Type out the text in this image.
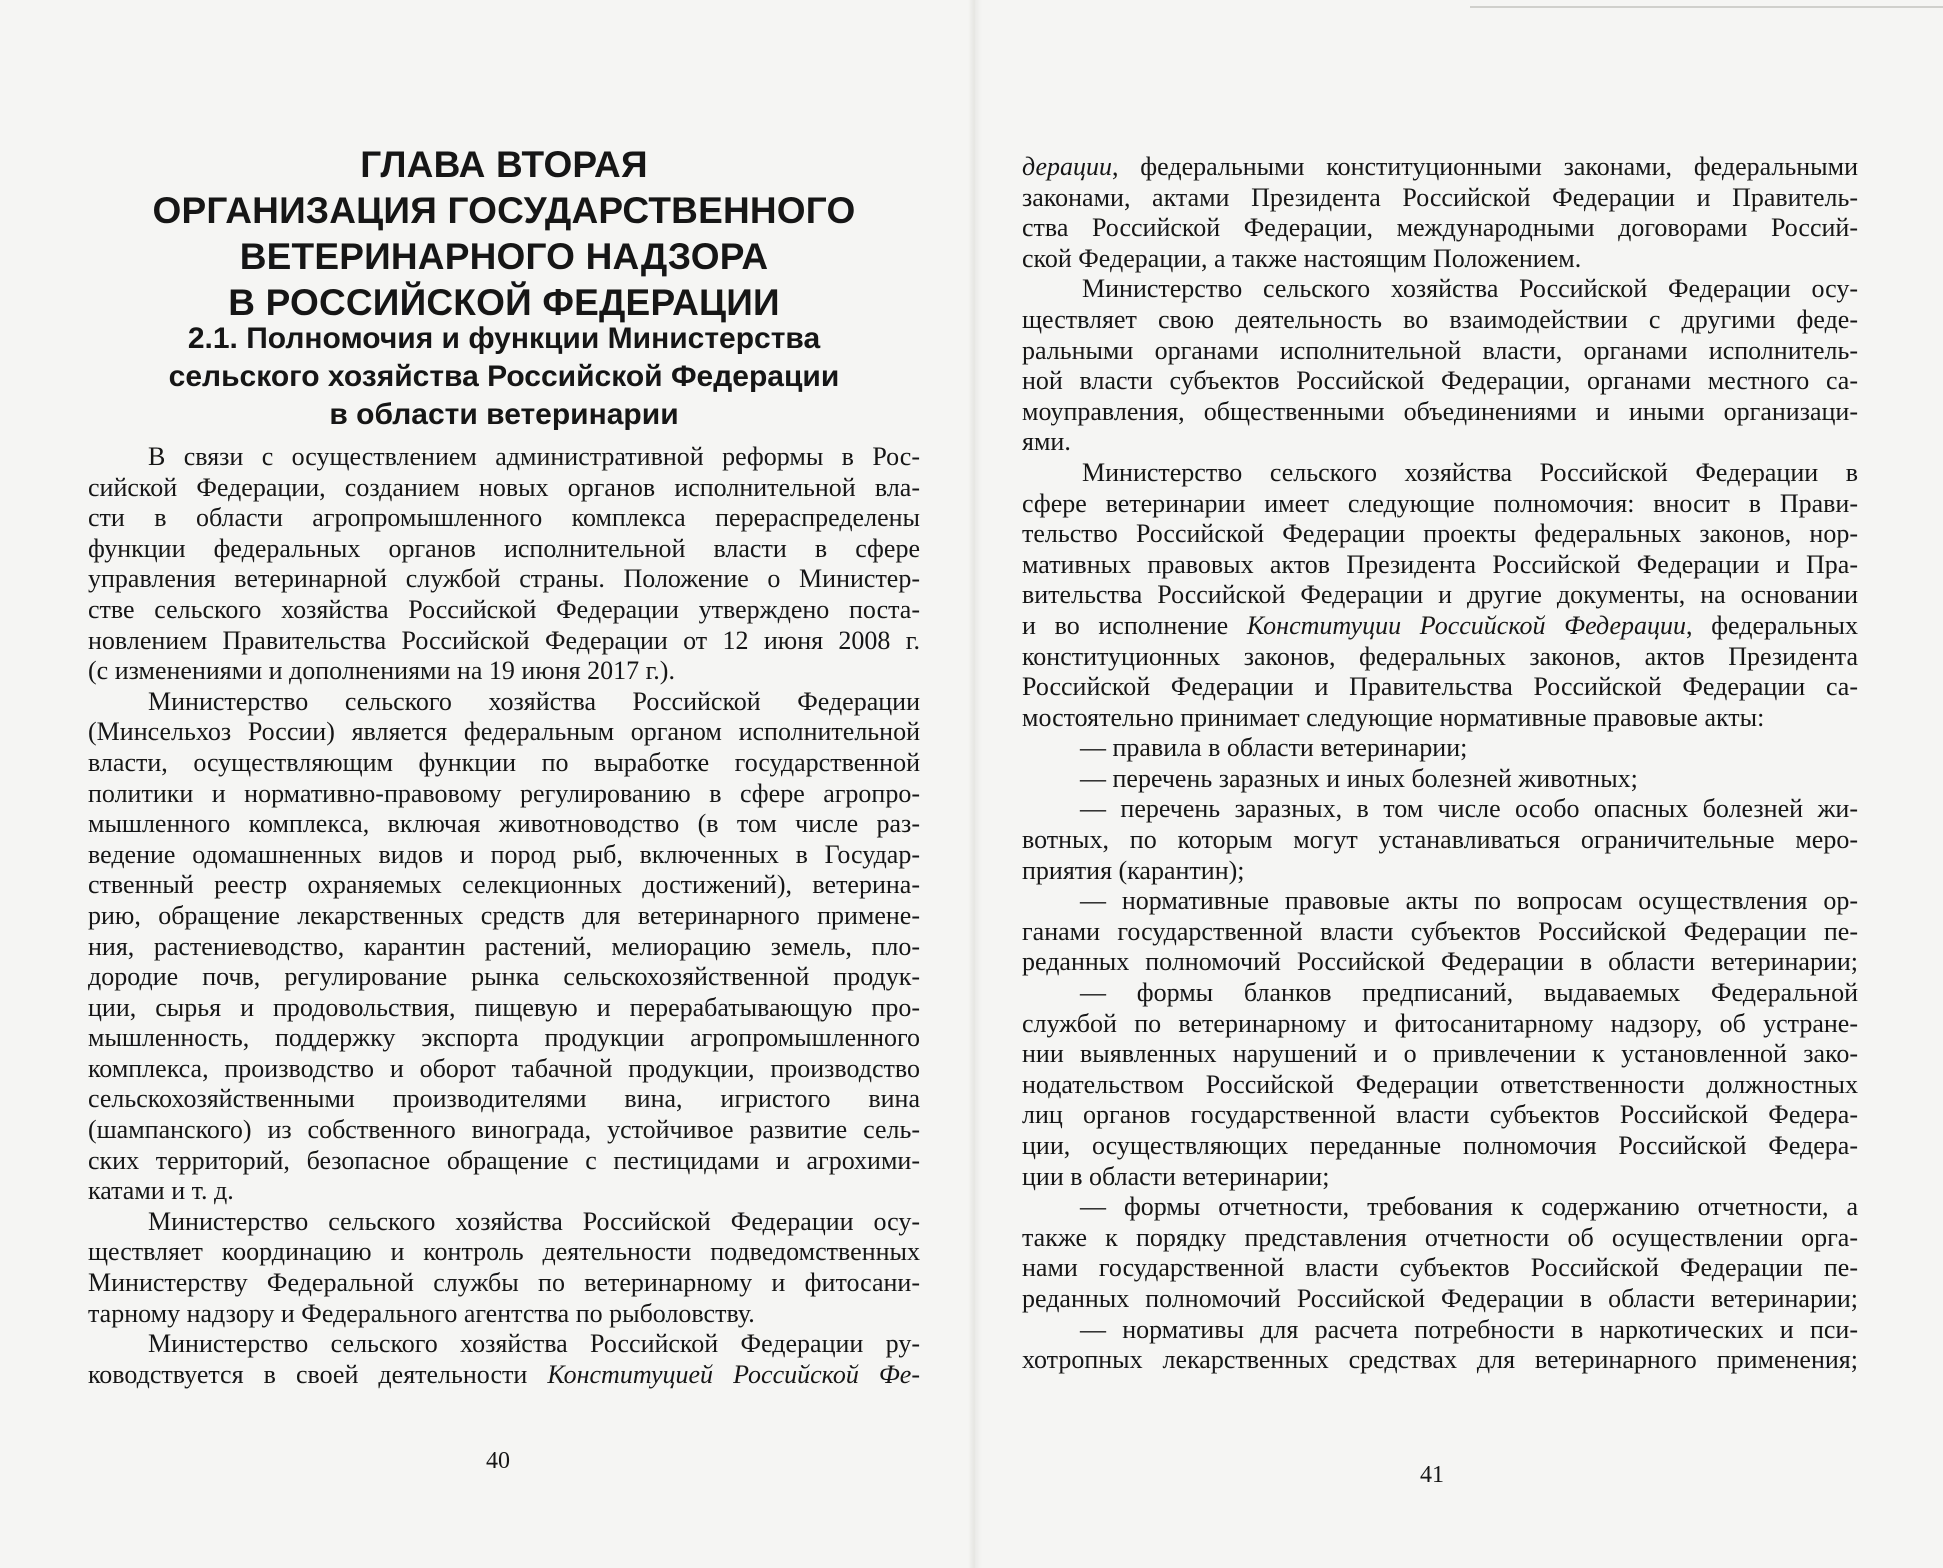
ГЛАВА ВТОРАЯ
ОРГАНИЗАЦИЯ ГОСУДАРСТВЕННОГО
ВЕТЕРИНАРНОГО НАДЗОРА
В РОССИЙСКОЙ ФЕДЕРАЦИИ
2.1. Полномочия и функции Министерства
сельского хозяйства Российской Федерации
в области ветеринарии
В связи с осуществлением административной реформы в Рос-
сийской Федерации, созданием новых органов исполнительной вла-
сти в области агропромышленного комплекса перераспределены
функции федеральных органов исполнительной власти в сфере
управления ветеринарной службой страны. Положение о Министер-
стве сельского хозяйства Российской Федерации утверждено поста-
новлением Правительства Российской Федерации от 12 июня 2008 г.
(с изменениями и дополнениями на 19 июня 2017 г.).
Министерство сельского хозяйства Российской Федерации
(Минсельхоз России) является федеральным органом исполнительной
власти, осуществляющим функции по выработке государственной
политики и нормативно-правовому регулированию в сфере агропро-
мышленного комплекса, включая животноводство (в том числе раз-
ведение одомашненных видов и пород рыб, включенных в Государ-
ственный реестр охраняемых селекционных достижений), ветерина-
рию, обращение лекарственных средств для ветеринарного примене-
ния, растениеводство, карантин растений, мелиорацию земель, пло-
дородие почв, регулирование рынка сельскохозяйственной продук-
ции, сырья и продовольствия, пищевую и перерабатывающую про-
мышленность, поддержку экспорта продукции агропромышленного
комплекса, производство и оборот табачной продукции, производство
сельскохозяйственными производителями вина, игристого вина
(шампанского) из собственного винограда, устойчивое развитие сель-
ских территорий, безопасное обращение с пестицидами и агрохими-
катами и т. д.
Министерство сельского хозяйства Российской Федерации осу-
ществляет координацию и контроль деятельности подведомственных
Министерству Федеральной службы по ветеринарному и фитосани-
тарному надзору и Федерального агентства по рыболовству.
Министерство сельского хозяйства Российской Федерации ру-
ководствуется в своей деятельности Конституцией Российской Фе-
40
дерации, федеральными конституционными законами, федеральными
законами, актами Президента Российской Федерации и Правитель-
ства Российской Федерации, международными договорами Россий-
ской Федерации, а также настоящим Положением.
Министерство сельского хозяйства Российской Федерации осу-
ществляет свою деятельность во взаимодействии с другими феде-
ральными органами исполнительной власти, органами исполнитель-
ной власти субъектов Российской Федерации, органами местного са-
моуправления, общественными объединениями и иными организаци-
ями.
Министерство сельского хозяйства Российской Федерации в
сфере ветеринарии имеет следующие полномочия: вносит в Прави-
тельство Российской Федерации проекты федеральных законов, нор-
мативных правовых актов Президента Российской Федерации и Пра-
вительства Российской Федерации и другие документы, на основании
и во исполнение Конституции Российской Федерации, федеральных
конституционных законов, федеральных законов, актов Президента
Российской Федерации и Правительства Российской Федерации са-
мостоятельно принимает следующие нормативные правовые акты:
— правила в области ветеринарии;
— перечень заразных и иных болезней животных;
— перечень заразных, в том числе особо опасных болезней жи-
вотных, по которым могут устанавливаться ограничительные меро-
приятия (карантин);
— нормативные правовые акты по вопросам осуществления ор-
ганами государственной власти субъектов Российской Федерации пе-
реданных полномочий Российской Федерации в области ветеринарии;
— формы бланков предписаний, выдаваемых Федеральной
службой по ветеринарному и фитосанитарному надзору, об устране-
нии выявленных нарушений и о привлечении к установленной зако-
нодательством Российской Федерации ответственности должностных
лиц органов государственной власти субъектов Российской Федера-
ции, осуществляющих переданные полномочия Российской Федера-
ции в области ветеринарии;
— формы отчетности, требования к содержанию отчетности, а
также к порядку представления отчетности об осуществлении орга-
нами государственной власти субъектов Российской Федерации пе-
реданных полномочий Российской Федерации в области ветеринарии;
— нормативы для расчета потребности в наркотических и пси-
хотропных лекарственных средствах для ветеринарного применения;
41
